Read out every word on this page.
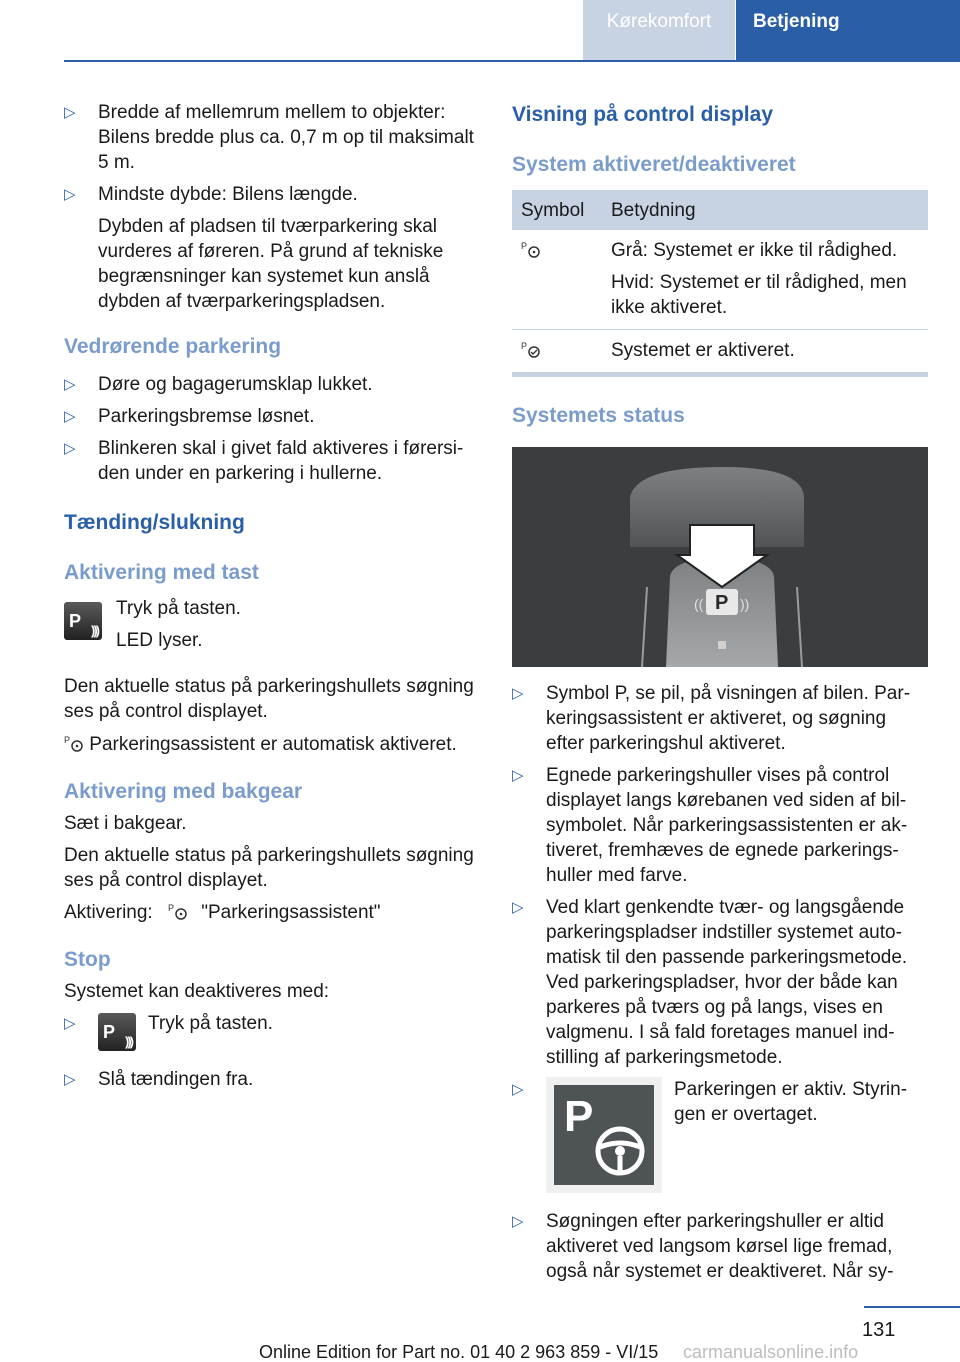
Kørekomfort	Betjening
▷ Bredde af mellemrum mellem to objekter: Bilens bredde plus ca. 0,7 m op til maksimalt 5 m.

▷ Mindste dybde: Bilens længde.

Dybden af pladsen til tværparkering skal vurderes af føreren. På grund af tekniske begrænsninger kan systemet kun anslå dybden af tværparkeringspladsen.

Vedrørende parkering
▷ Døre og bagagerumsklap lukket.

▷ Parkeringsbremse løsnet.

▷ Blinkeren skal i givet fald aktiveres i førersiden under en parkering i hullerne.

Tænding/slukning
Aktivering med tast
P )))

Tryk på tasten.

LED lyser.

Den aktuelle status på parkeringshullets søgning ses på control displayet.

P Parkeringsassistent er automatisk aktiveret.

Aktivering med bakgear

Sæt i bakgear.

Den aktuelle status på parkeringshullets søgning ses på control displayet.

Aktivering: P "Parkeringsassistent"

Stop

Systemet kan deaktiveres med:

▷ P )))

Tryk på tasten.

▷ Slå tændingen fra.

Visning på control display
System aktiveret/deaktiveret
Symbol	Betydning

P	Grå: Systemet er ikke til rådighed.

Hvid: Systemet er til rådighed, men ikke aktiveret.

P	Systemet er aktiveret.
Systemets status
P
((	))
▷ Symbol P, se pil, på visningen af bilen. Parkeringsassistent er aktiveret, og søgning efter parkeringshul aktiveret.

▷ Egnede parkeringshuller vises på control displayet langs kørebanen ved siden af bilsymbolet. Når parkeringsassistenten er aktiveret, fremhæves de egnede parkeringshuller med farve.

▷ Ved klart genkendte tvær- og langsgående parkeringspladser indstiller systemet automatisk til den passende parkeringsmetode. Ved parkeringspladser, hvor der både kan parkeres på tværs og på langs, vises en valgmenu. I så fald foretages manuel indstilling af parkeringsmetode.

▷
P

Parkeringen er aktiv. Styringen er overtaget.

▷ Søgningen efter parkeringshuller er altid aktiveret ved langsom kørsel lige fremad, også når systemet er deaktiveret. Når sy-

131
Online Edition for Part no. 01 40 2 963 859 - VI/15 carmanualsonline.info
